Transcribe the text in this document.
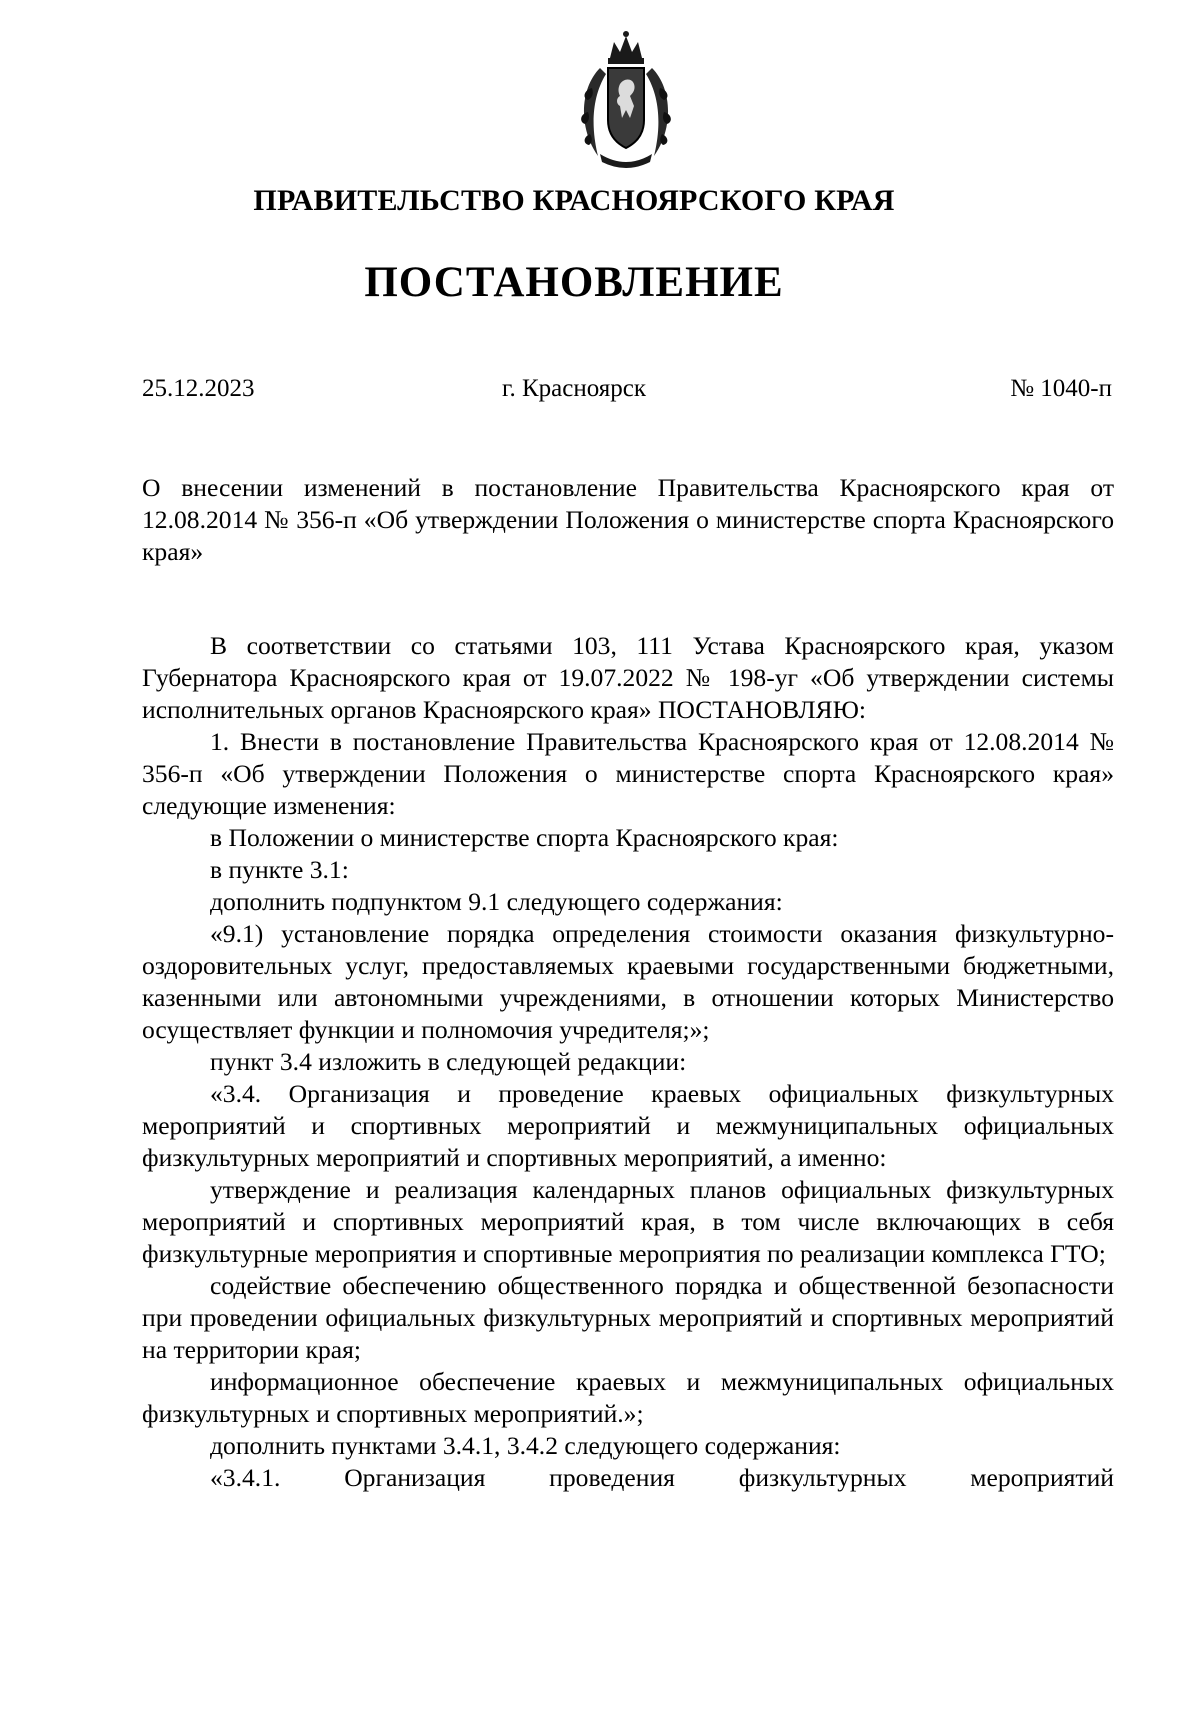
ПРАВИТЕЛЬСТВО КРАСНОЯРСКОГО КРАЯ
ПОСТАНОВЛЕНИЕ
25.12.2023	г. Красноярск	№ 1040-п

О внесении изменений в постановление Правительства Красноярского края от 12.08.2014 № 356-п «Об утверждении Положения о министерстве спорта Красноярского края»

В соответствии со статьями 103, 111 Устава Красноярского края, указом Губернатора Красноярского края от 19.07.2022 № 198-уг «Об утверждении системы исполнительных органов Красноярского края» ПОСТАНОВЛЯЮ:

1. Внести в постановление Правительства Красноярского края от 12.08.2014 № 356-п «Об утверждении Положения о министерстве спорта Красноярского края» следующие изменения:

в Положении о министерстве спорта Красноярского края:

в пункте 3.1:

дополнить подпунктом 9.1 следующего содержания:

«9.1) установление порядка определения стоимости оказания физкультурно-оздоровительных услуг, предоставляемых краевыми государственными бюджетными, казенными или автономными учреждениями, в отношении которых Министерство осуществляет функции и полномочия учредителя;»;

пункт 3.4 изложить в следующей редакции:

«3.4. Организация и проведение краевых официальных физкультурных мероприятий и спортивных мероприятий и межмуниципальных официальных физкультурных мероприятий и спортивных мероприятий, а именно:

утверждение и реализация календарных планов официальных физкультурных мероприятий и спортивных мероприятий края, в том числе включающих в себя физкультурные мероприятия и спортивные мероприятия по реализации комплекса ГТО;

содействие обеспечению общественного порядка и общественной безопасности при проведении официальных физкультурных мероприятий и спортивных мероприятий на территории края;

информационное обеспечение краевых и межмуниципальных официальных физкультурных и спортивных мероприятий.»;

дополнить пунктами 3.4.1, 3.4.2 следующего содержания:

«3.4.1. Организация проведения физкультурных мероприятий
